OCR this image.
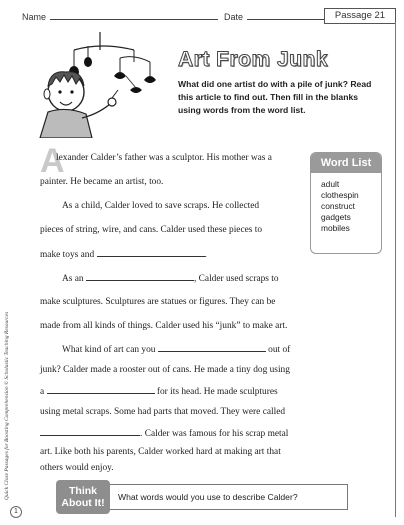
Name	Date	Passage 21
Art From Junk
What did one artist do with a pile of junk? Read this article to find out. Then fill in the blanks using words from the word list.
A
lexander Calder’s father was a sculptor. His mother was a
painter. He became an artist, too.
As a child, Calder loved to save scraps. He collected
pieces of string, wire, and cans. Calder used these pieces to
make toys and	.
As an	, Calder used scraps to
make sculptures. Sculptures are statues or figures. They can be
made from all kinds of things. Calder used his “junk” to make art.
What kind of art can you	out of
junk? Calder made a rooster out of cans. He made a tiny dog using
a	for its head. He made sculptures
using metal scraps. Some had parts that moved. They were called
. Calder was famous for his scrap metal
Word List
adult
clothespin
construct
gadgets
mobiles
What words would you use to describe Calder?
Think
About It!
Quick Cloze Passages for Boosting Comprehension © Scholastic Teaching Resources
1
art. Like both his parents, Calder worked hard at making art that
others would enjoy.
